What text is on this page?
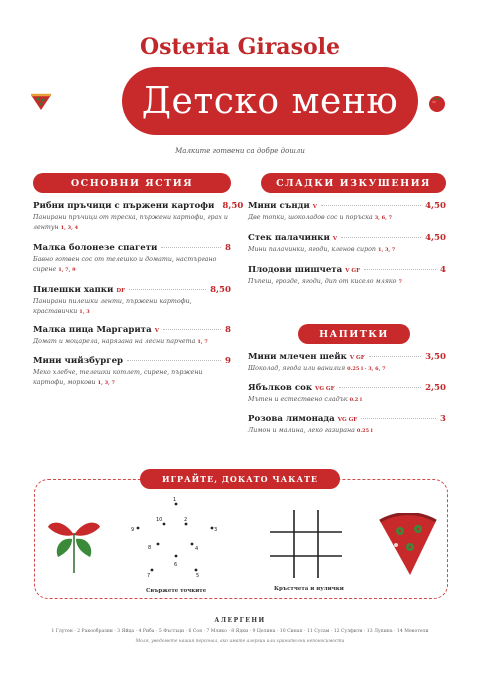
Osteria Girasole
Детско меню
Малките готвени са добре дошли
ОСНОВНИ ЯСТИЯ
Рибни пръчици с пържени картофи 8,50
Панирани пръчици от треска, пържени картофи, грах и лентун 1, 3, 4
Малка болонезе спагети	8
Бавно готвен сос от телешко и домати, настъргано сирене 1, 7, 9
Пилешки хапки DF	8,50
Панирани пилешки ленти, пържени картофи, краставички 1, 3
Малка пица Маргарита V	8
Домат и моцарела, нарязана на лесни парчета 1, 7
Мини чийзбургер	9
Меко хлебче, телешки котлет, сирене, пържени картофи, моркови 1, 3, 7
СЛАДКИ ИЗКУШЕНИЯ
Мини сънди V	4,50
Две топки, шоколадов сос и поръска 3, 6, 7
Стек палачинки V	4,50
Мини палачинки, ягоди, кленов сироп 1, 3, 7
Плодови шишчета V GF	4
Пъпеш, грозде, ягоди, дип от кисело мляко 7
НАПИТКИ
Мини млечен шейк V GF	3,50
Шоколад, ягода или ванилия 0.25 l · 3, 6, 7
Ябълков сок VG GF	2,50
Мътен и естествено сладък 0.2 l
Розова лимонада VG GF	3
Лимон и малина, леко газирана 0.25 l
ИГРАЙТЕ, ДОКАТО ЧАКАТЕ
1
2
3
4
5
6
7
8
9
10
Свържете точките	Кръстчета и нулички
АЛЕРГЕНИ
1 Глутен · 2 Ракообразни · 3 Яйца · 4 Риба · 5 Фъстъци · 6 Соя · 7 Мляко · 8 Ядки · 9 Целина · 10 Синап · 11 Сусам · 12 Сулфити · 13 Лупина · 14 Мекотели
Моля, уведомете нашия персонал, ако имате алергии или хранителни непоносимости
